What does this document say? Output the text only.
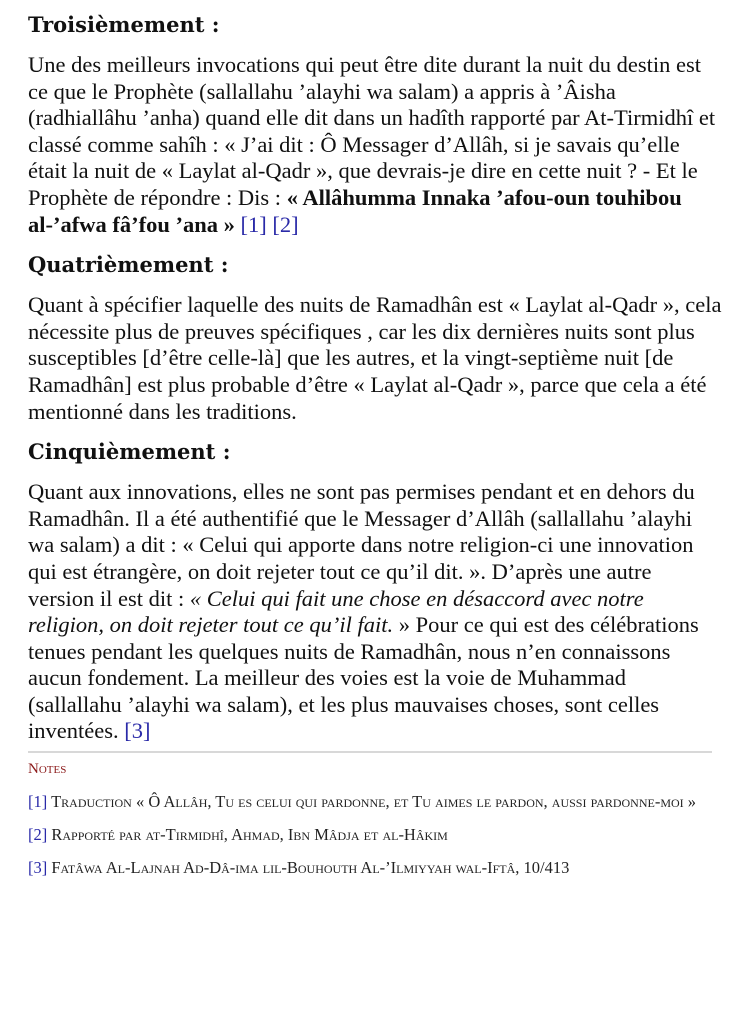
Troisièmement :

Une des meilleurs invocations qui peut être dite durant la nuit du destin est ce que le Prophète (sallallahu ’alayhi wa salam) a appris à ’Âisha (radhiallâhu ’anha) quand elle dit dans un hadîth rapporté par At-Tirmidhî et classé comme sahîh : « J’ai dit : Ô Messager d’Allâh, si je savais qu’elle était la nuit de « Laylat al-Qadr », que devrais-je dire en cette nuit ? - Et le Prophète de répondre : Dis : « Allâhumma Innaka ’afou-oun touhibou al-’afwa fâ’fou ’ana » [1] [2]

Quatrièmement :

Quant à spécifier laquelle des nuits de Ramadhân est « Laylat al-Qadr », cela nécessite plus de preuves spécifiques , car les dix dernières nuits sont plus susceptibles [d’être celle-là] que les autres, et la vingt-septième nuit [de Ramadhân] est plus probable d’être « Laylat al-Qadr », parce que cela a été mentionné dans les traditions.

Cinquièmement :

Quant aux innovations, elles ne sont pas permises pendant et en dehors du Ramadhân. Il a été authentifié que le Messager d’Allâh (sallallahu ’alayhi wa salam) a dit : « Celui qui apporte dans notre religion-ci une innovation qui est étrangère, on doit rejeter tout ce qu’il dit. ». D’après une autre version il est dit : « Celui qui fait une chose en désaccord avec notre religion, on doit rejeter tout ce qu’il fait. » Pour ce qui est des célébrations tenues pendant les quelques nuits de Ramadhân, nous n’en connaissons aucun fondement. La meilleur des voies est la voie de Muhammad (sallallahu ’alayhi wa salam), et les plus mauvaises choses, sont celles inventées. [3]

Notes
[1] Traduction « Ô Allâh, Tu es celui qui pardonne, et Tu aimes le pardon, aussi pardonne-moi »
[2] Rapporté par at-Tirmidhî, Ahmad, Ibn Mâdja et al-Hâkim
[3] Fatâwa Al-Lajnah Ad-Dâ-ima lil-Bouhouth Al-’Ilmiyyah wal-Iftâ, 10/413
